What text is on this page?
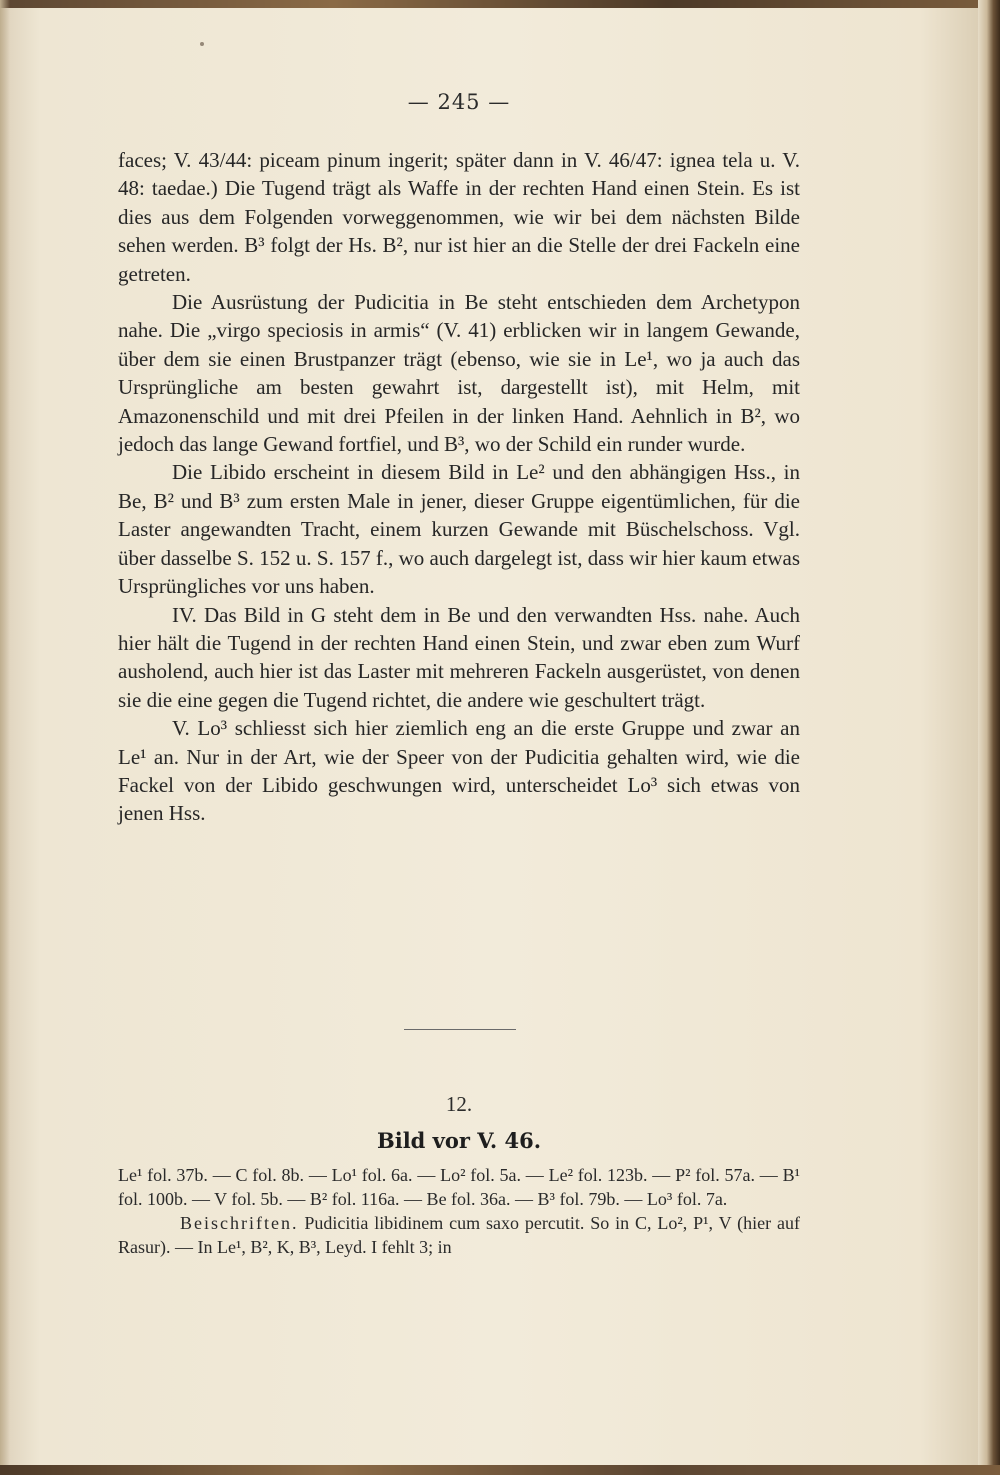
— 245 —

faces; V. 43/44: piceam pinum ingerit; später dann in V. 46/47: ignea tela u. V. 48: taedae.) Die Tugend trägt als Waffe in der rechten Hand einen Stein. Es ist dies aus dem Folgenden vorweggenommen, wie wir bei dem nächsten Bilde sehen werden. B³ folgt der Hs. B², nur ist hier an die Stelle der drei Fackeln eine getreten.

Die Ausrüstung der Pudicitia in Be steht entschieden dem Archetypon nahe. Die „virgo speciosis in armis“ (V. 41) erblicken wir in langem Gewande, über dem sie einen Brustpanzer trägt (ebenso, wie sie in Le¹, wo ja auch das Ursprüngliche am besten gewahrt ist, dargestellt ist), mit Helm, mit Amazonenschild und mit drei Pfeilen in der linken Hand. Aehnlich in B², wo jedoch das lange Gewand fortfiel, und B³, wo der Schild ein runder wurde.

Die Libido erscheint in diesem Bild in Le² und den abhängigen Hss., in Be, B² und B³ zum ersten Male in jener, dieser Gruppe eigentümlichen, für die Laster angewandten Tracht, einem kurzen Gewande mit Büschelschoss. Vgl. über dasselbe S. 152 u. S. 157 f., wo auch dargelegt ist, dass wir hier kaum etwas Ursprüngliches vor uns haben.

IV. Das Bild in G steht dem in Be und den verwandten Hss. nahe. Auch hier hält die Tugend in der rechten Hand einen Stein, und zwar eben zum Wurf ausholend, auch hier ist das Laster mit mehreren Fackeln ausgerüstet, von denen sie die eine gegen die Tugend richtet, die andere wie geschultert trägt.

V. Lo³ schliesst sich hier ziemlich eng an die erste Gruppe und zwar an Le¹ an. Nur in der Art, wie der Speer von der Pudicitia gehalten wird, wie die Fackel von der Libido geschwungen wird, unterscheidet Lo³ sich etwas von jenen Hss.

12.
Bild vor V. 46.

Le¹ fol. 37b. — C fol. 8b. — Lo¹ fol. 6a. — Lo² fol. 5a. — Le² fol. 123b. — P² fol. 57a. — B¹ fol. 100b. — V fol. 5b. — B² fol. 116a. — Be fol. 36a. — B³ fol. 79b. — Lo³ fol. 7a.

Beischriften. Pudicitia libidinem cum saxo percutit. So in C, Lo², P¹, V (hier auf Rasur). — In Le¹, B², K, B³, Leyd. I fehlt 3; in
